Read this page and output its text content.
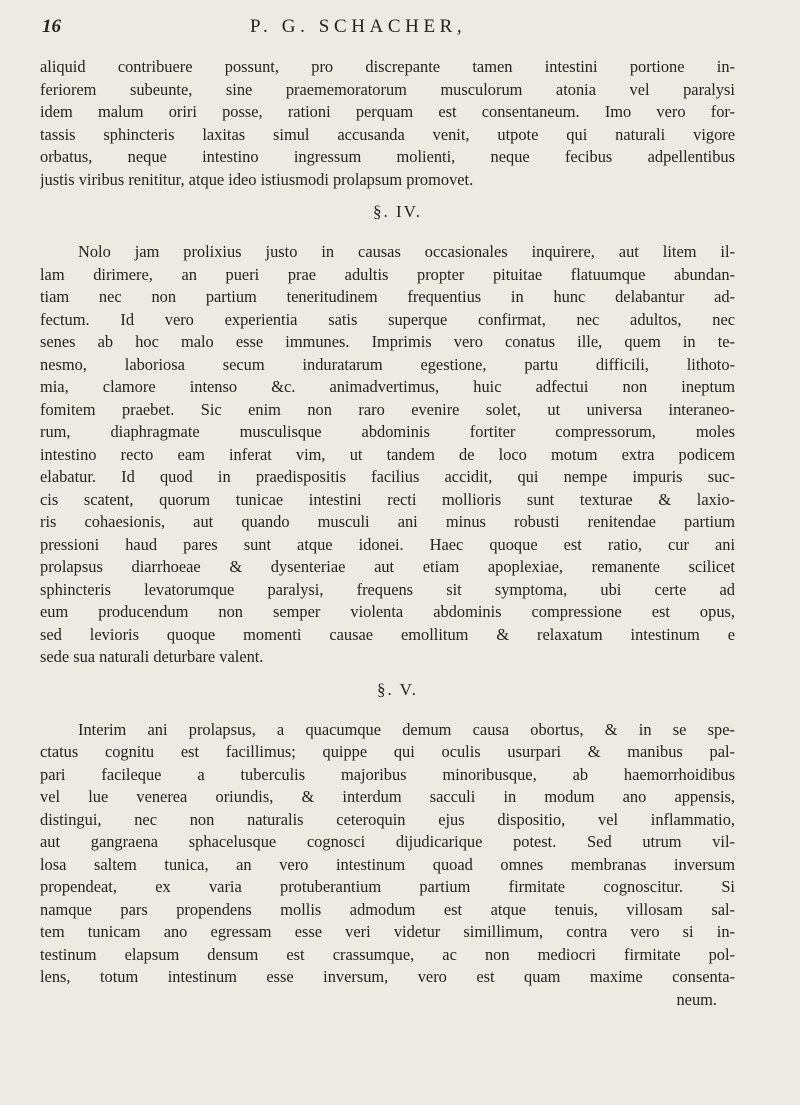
16	P. G. SCHACHER,
aliquid contribuere possunt, pro discrepante tamen intestini portione in-
feriorem subeunte, sine praememoratorum musculorum atonia vel paralysi
idem malum oriri posse, rationi perquam est consentaneum. Imo vero for-
tassis sphincteris laxitas simul accusanda venit, utpote qui naturali vigore
orbatus, neque intestino ingressum molienti, neque fecibus adpellentibus
justis viribus renititur, atque ideo istiusmodi prolapsum promovet.
§. IV.
Nolo jam prolixius justo in causas occasionales inquirere, aut litem il-
lam dirimere, an pueri prae adultis propter pituitae flatuumque abundan-
tiam nec non partium teneritudinem frequentius in hunc delabantur ad-
fectum. Id vero experientia satis superque confirmat, nec adultos, nec
senes ab hoc malo esse immunes. Imprimis vero conatus ille, quem in te-
nesmo, laboriosa secum induratarum egestione, partu difficili, lithoto-
mia, clamore intenso &c. animadvertimus, huic adfectui non ineptum
fomitem praebet. Sic enim non raro evenire solet, ut universa interaneo-
rum, diaphragmate musculisque abdominis fortiter compressorum, moles
intestino recto eam inferat vim, ut tandem de loco motum extra podicem
elabatur. Id quod in praedispositis facilius accidit, qui nempe impuris suc-
cis scatent, quorum tunicae intestini recti mollioris sunt texturae & laxio-
ris cohaesionis, aut quando musculi ani minus robusti renitendae partium
pressioni haud pares sunt atque idonei. Haec quoque est ratio, cur ani
prolapsus diarrhoeae & dysenteriae aut etiam apoplexiae, remanente scilicet
sphincteris levatorumque paralysi, frequens sit symptoma, ubi certe ad
eum producendum non semper violenta abdominis compressione est opus,
sed levioris quoque momenti causae emollitum & relaxatum intestinum e
sede sua naturali deturbare valent.
§. V.
Interim ani prolapsus, a quacumque demum causa obortus, & in se spe-
ctatus cognitu est facillimus; quippe qui oculis usurpari & manibus pal-
pari facileque a tuberculis majoribus minoribusque, ab haemorrhoidibus
vel lue venerea oriundis, & interdum sacculi in modum ano appensis,
distingui, nec non naturalis ceteroquin ejus dispositio, vel inflammatio,
aut gangraena sphacelusque cognosci dijudicarique potest. Sed utrum vil-
losa saltem tunica, an vero intestinum quoad omnes membranas inversum
propendeat, ex varia protuberantium partium firmitate cognoscitur. Si
namque pars propendens mollis admodum est atque tenuis, villosam sal-
tem tunicam ano egressam esse veri videtur simillimum, contra vero si in-
testinum elapsum densum est crassumque, ac non mediocri firmitate pol-
lens, totum intestinum esse inversum, vero est quam maxime consenta-
neum.
